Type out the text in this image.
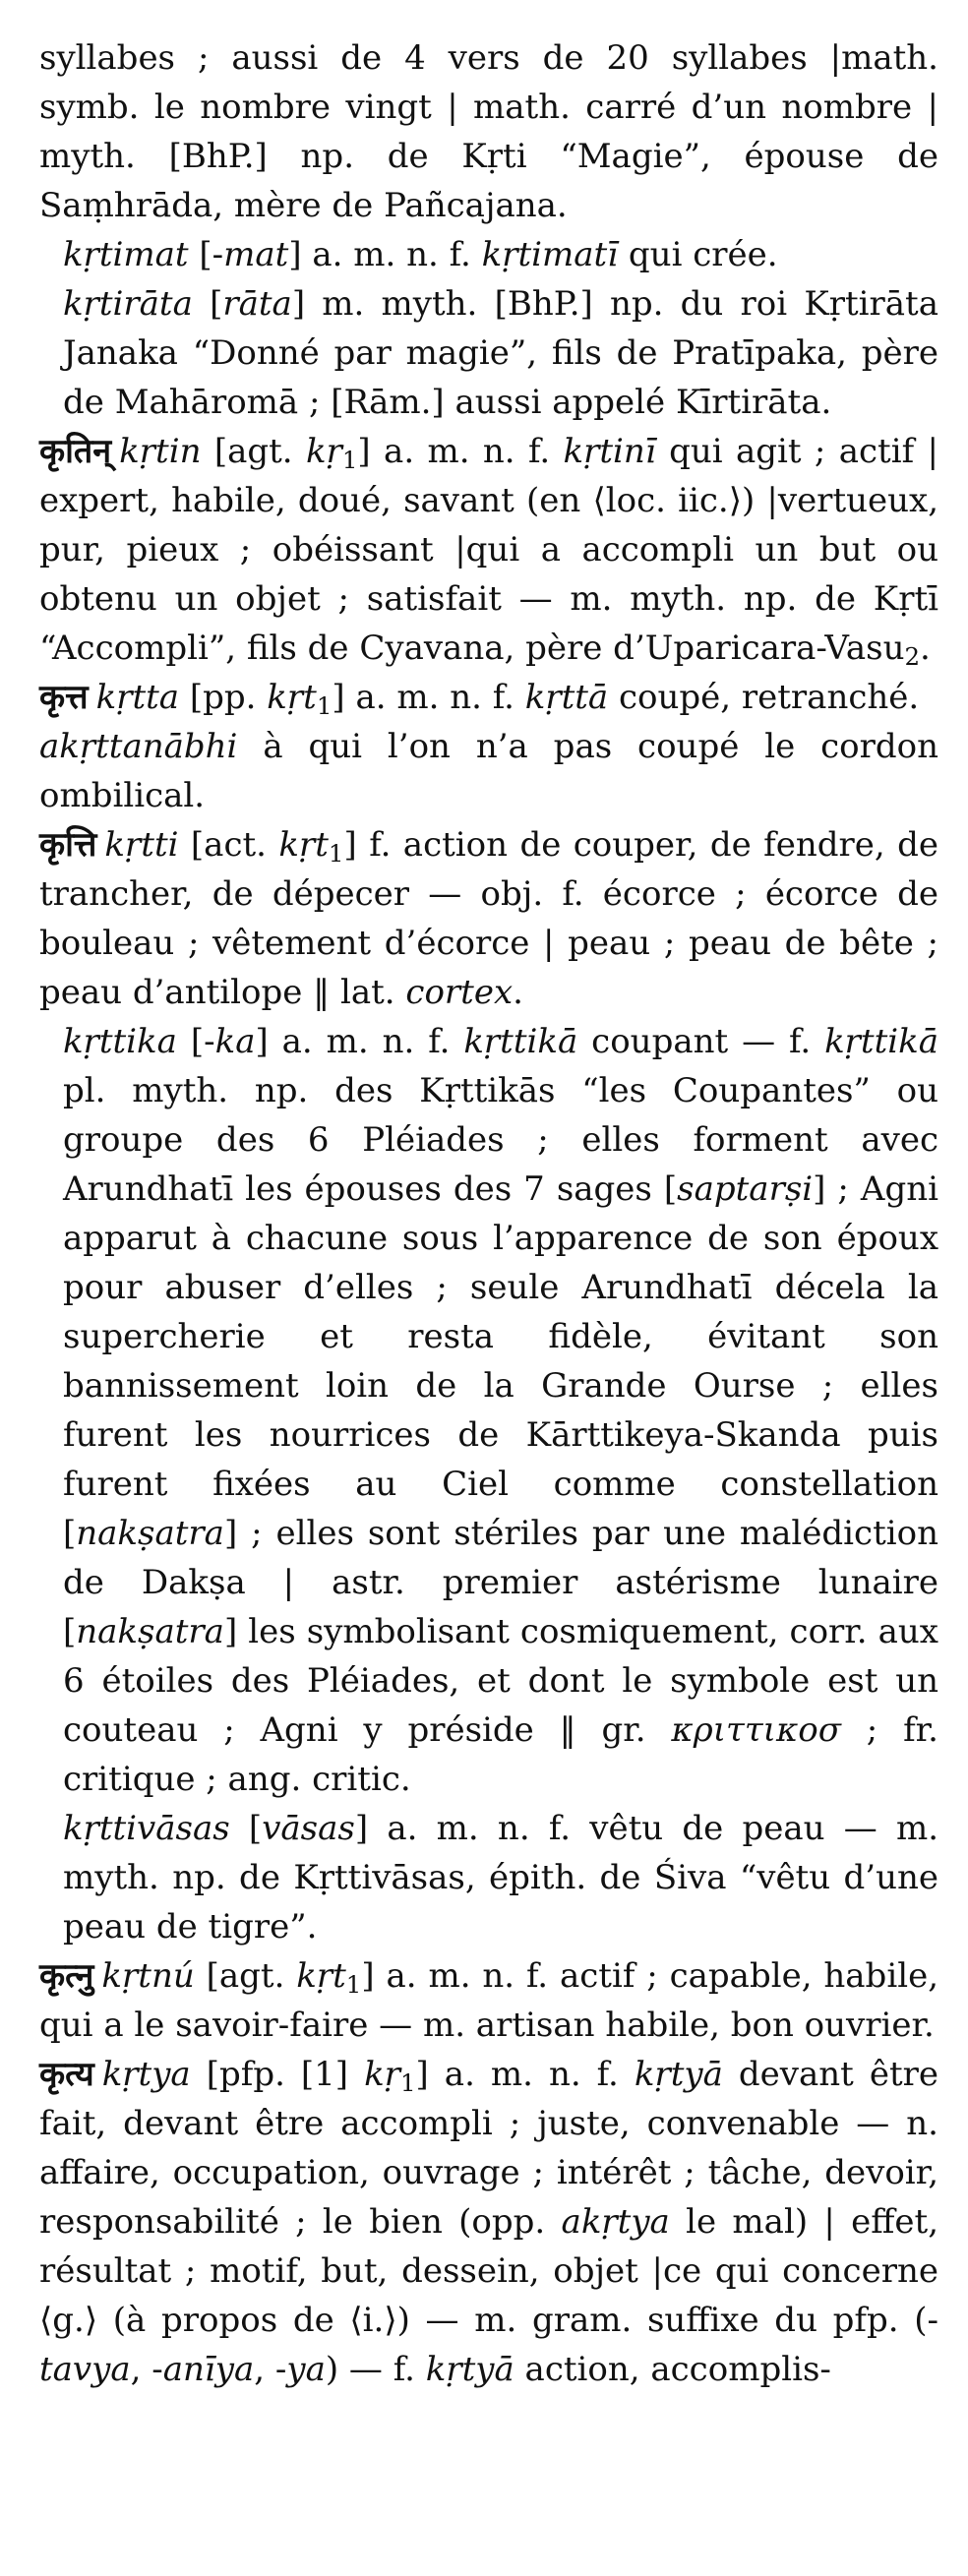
syllabes ; aussi de 4 vers de 20 syllabes |math. symb. le nombre vingt | math. carré d’un nombre | myth. [BhP.] np. de Kṛti “Magie”, épouse de Saṃhrāda, mère de Pañcajana.

kṛtimat [-mat] a. m. n. f. kṛtimatī qui crée.

kṛtirāta [rāta] m. myth. [BhP.] np. du roi Kṛtirāta Janaka “Donné par magie”, fils de Pratīpaka, père de Mahāromā ; [Rām.] aussi appelé Kīrtirāta.

कृतिन् kṛtin [agt. kṛ$_1$] a. m. n. f. kṛtinī qui agit ; actif | expert, habile, doué, savant (en ⟨loc. iic.⟩) |vertueux, pur, pieux ; obéissant |qui a accompli un but ou obtenu un objet ; satisfait — m. myth. np. de Kṛtī “Accompli”, fils de Cyavana, père d’Uparicara-Vasu$_2$.

कृत्त kṛtta [pp. kṛt$_1$] a. m. n. f. kṛttā coupé, retranché.

akṛttanābhi à qui l’on n’a pas coupé le cordon ombilical.

कृत्ति kṛtti [act. kṛt$_1$] f. action de couper, de fendre, de trancher, de dépecer — obj. f. écorce ; écorce de bouleau ; vêtement d’écorce | peau ; peau de bête ; peau d’antilope ‖ lat. cortex.

kṛttika [-ka] a. m. n. f. kṛttikā coupant — f. kṛttikā pl. myth. np. des Kṛttikās “les Coupantes” ou groupe des 6 Pléiades ; elles forment avec Arundhatī les épouses des 7 sages [saptarṣi] ; Agni apparut à chacune sous l’apparence de son époux pour abuser d’elles ; seule Arundhatī décela la supercherie et resta fidèle, évitant son bannissement loin de la Grande Ourse ; elles furent les nourrices de Kārttikeya-Skanda puis furent fixées au Ciel comme constellation [nakṣatra] ; elles sont stériles par une malédiction de Dakṣa | astr. premier astérisme lunaire [nakṣatra] les symbolisant cosmiquement, corr. aux 6 étoiles des Pléiades, et dont le symbole est un couteau ; Agni y préside ‖ gr. κριττικοσ ; fr. critique ; ang. critic.

kṛttivāsas [vāsas] a. m. n. f. vêtu de peau — m. myth. np. de Kṛttivāsas, épith. de Śiva “vêtu d’une peau de tigre”.

कृत्नु kṛtnú [agt. kṛt$_1$] a. m. n. f. actif ; capable, habile, qui a le savoir-faire — m. artisan habile, bon ouvrier.

कृत्य kṛtya [pfp. [1] kṛ$_1$] a. m. n. f. kṛtyā devant être fait, devant être accompli ; juste, convenable — n. affaire, occupation, ouvrage ; intérêt ; tâche, devoir, responsabilité ; le bien (opp. akṛtya le mal) | effet, résultat ; motif, but, dessein, objet |ce qui concerne ⟨g.⟩ (à propos de ⟨i.⟩) — m. gram. suffixe du pfp. (-tavya, -anīya, -ya) — f. kṛtyā action, accomplis-
